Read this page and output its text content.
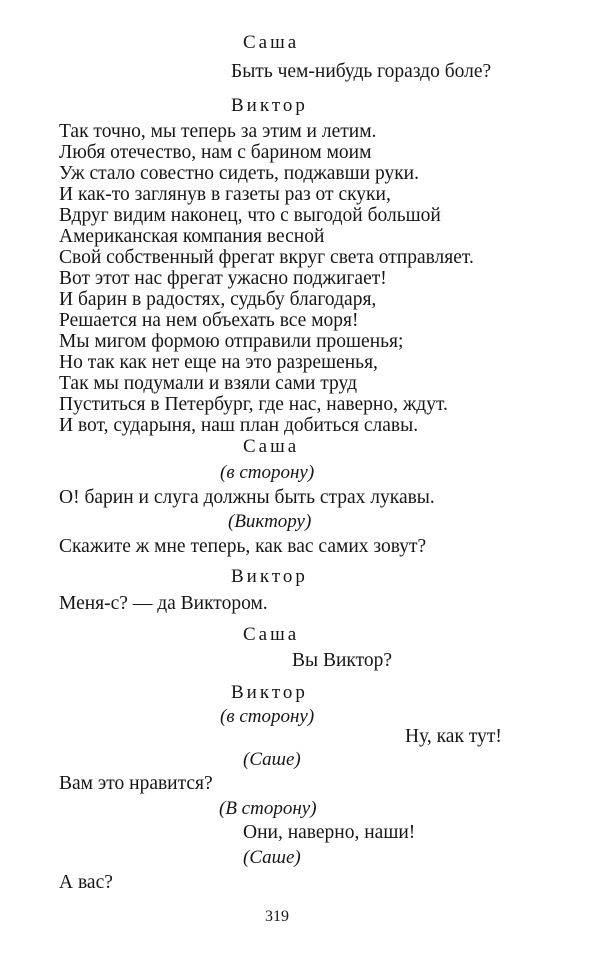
Саша
Быть чем-нибудь гораздо боле?
Виктор
Так точно, мы теперь за этим и летим.
Любя отечество, нам с барином моим
Уж стало совестно сидеть, поджавши руки.
И как-то заглянув в газеты раз от скуки,
Вдруг видим наконец, что с выгодой большой
Американская компания весной
Свой собственный фрегат вкруг света отправляет.
Вот этот нас фрегат ужасно поджигает!
И барин в радостях, судьбу благодаря,
Решается на нем объехать все моря!
Мы мигом формою отправили прошенья;
Но так как нет еще на это разрешенья,
Так мы подумали и взяли сами труд
Пуститься в Петербург, где нас, наверно, ждут.
И вот, сударыня, наш план добиться славы.
Саша
(в сторону)
О! барин и слуга должны быть страх лукавы.
(Виктору)
Скажите ж мне теперь, как вас самих зовут?
Виктор
Меня-с? — да Виктором.
Саша
Вы Виктор?
Виктор
(в сторону)
Ну, как тут!
(Саше)
Вам это нравится?
(В сторону)
Они, наверно, наши!
(Саше)
А вас?
319
